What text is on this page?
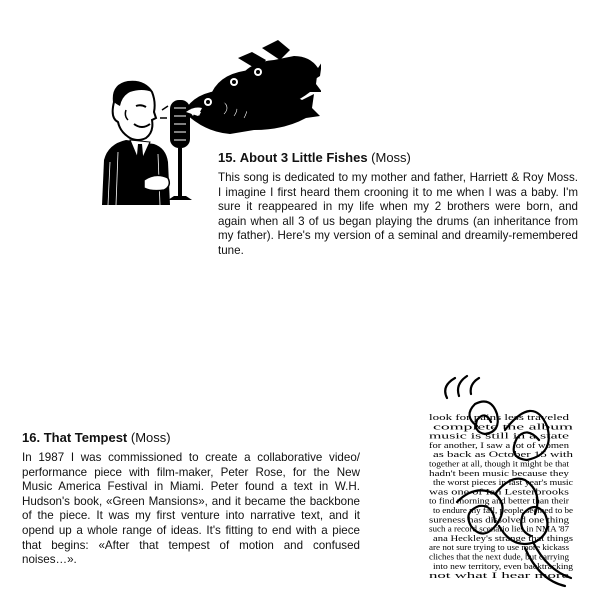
15. About 3 Little Fishes (Moss)

This song is dedicated to my mother and father, Harriett & Roy Moss. I imagine I first heard them crooning it to me when I was a baby. I'm sure it reappeared in my life when my 2 brothers were born, and again when all 3 of us began playing the drums (an inheritance from my father). Here's my version of a seminal and dreamily-remembered tune.

16. That Tempest (Moss)

In 1987 I was commissioned to create a collaborative video/ performance piece with film-maker, Peter Rose, for the New Music America Festival in Miami. Peter found a text in W.H. Hudson's book, «Green Mansions», and it became the backbone of the piece. It was my first venture into narrative text, and it opend up a whole range of ideas. It's fitting to end with a piece that begins: «After that tempest of motion and confused noises…».

look for pains less traveled
complete the album
music is still in a state
for another, I saw a lot of women
as back as October 15 with
together at all, though it might be that
hadn't been music because they
the worst pieces in last year's music
was one of Ian Lesterbrooks
to find morning and better than their
to endure my fall, people seemed to be
sureness has dissolved one thing
such a record scenario lies in NMA '87
ana Heckley's strange that things
are not sure trying to use more kickass
cliches that the next dude, but carrying
into new territory, even backtracking
not what I hear more
